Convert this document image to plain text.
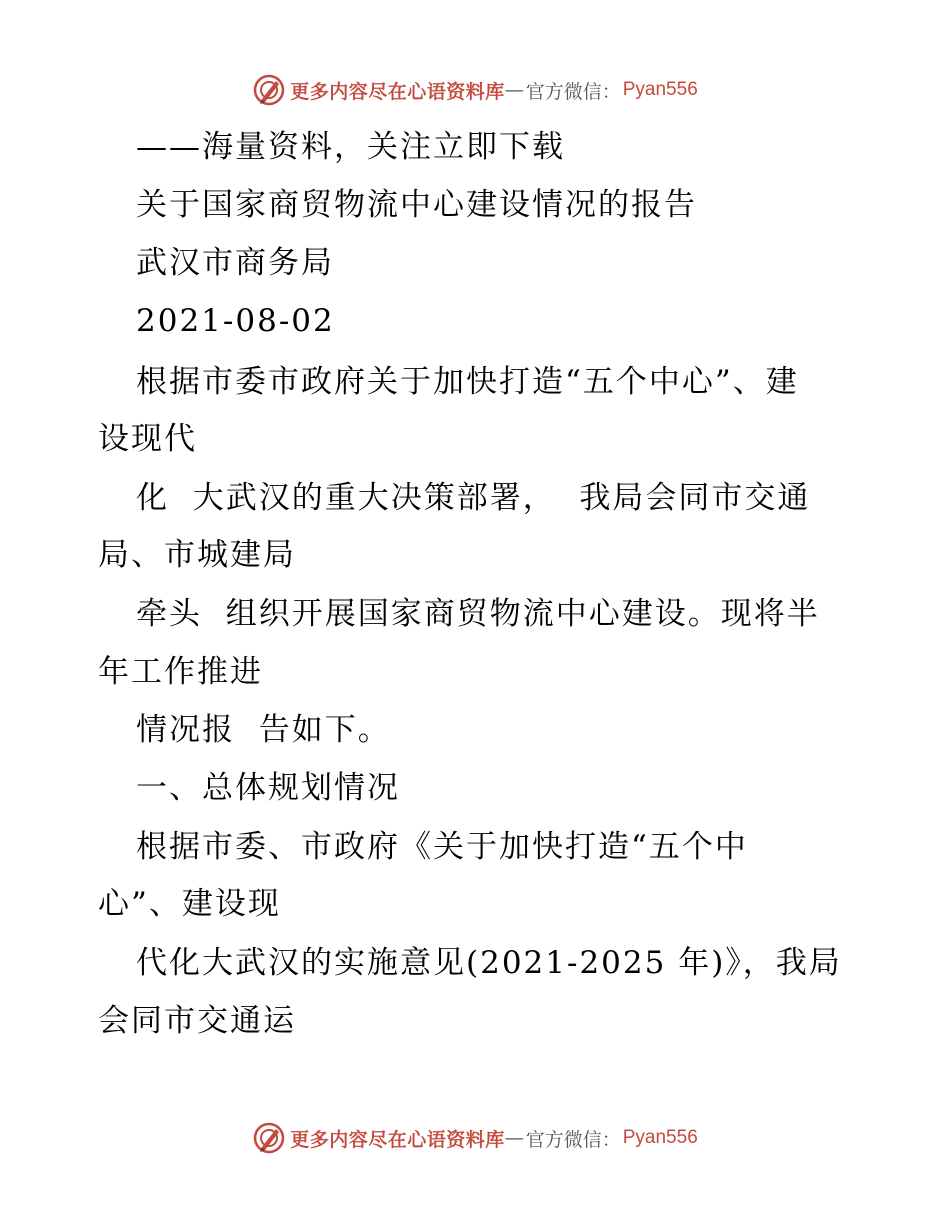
更多内容尽在心语资料库 — 官方微信： Pyan556
——海量资料，关注立即下载
关于国家商贸物流中心建设情况的报告
武汉市商务局
2021-08-02
根据市委市政府关于加快打造“五个中心”、建
设现代
化  大武汉的重大决策部署，  我局会同市交通
局、市城建局
牵头  组织开展国家商贸物流中心建设。现将半
年工作推进
情况报  告如下。
一、总体规划情况
根据市委、市政府《关于加快打造“五个中
心”、建设现
代化大武汉的实施意见(2021-2025 年)》，我局
会同市交通运
更多内容尽在心语资料库 — 官方微信： Pyan556
